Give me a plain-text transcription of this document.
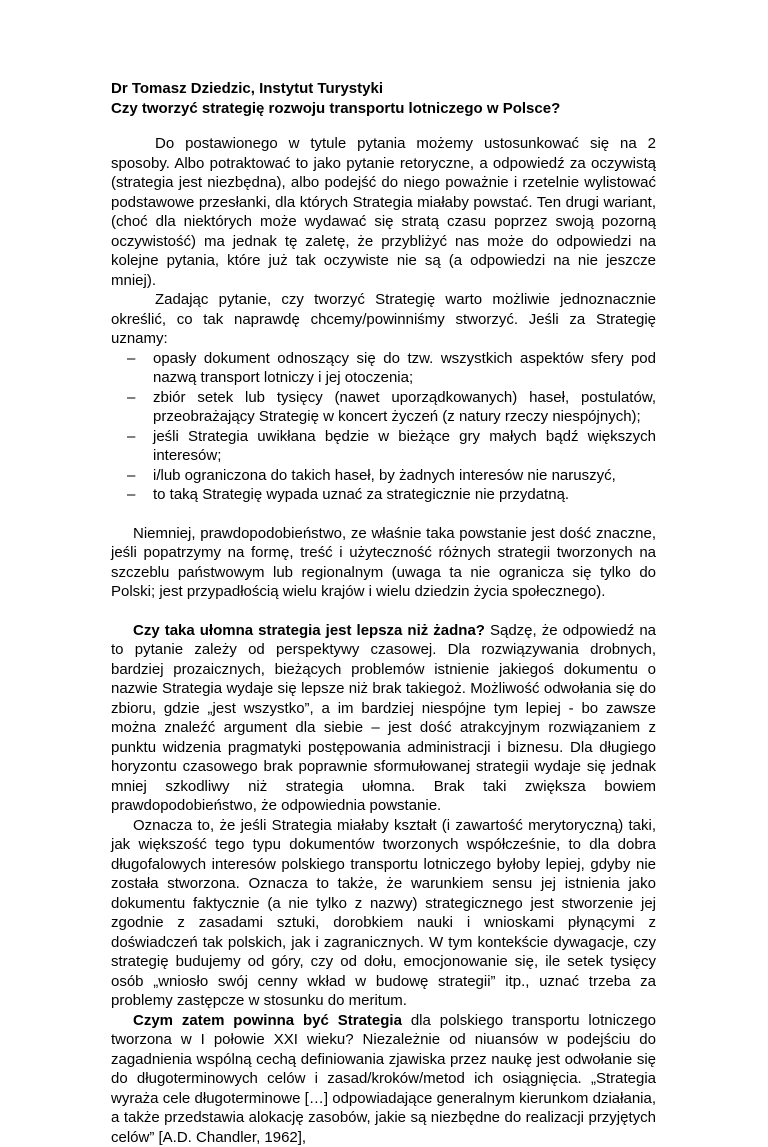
Dr Tomasz Dziedzic, Instytut Turystyki
Czy tworzyć strategię rozwoju transportu lotniczego w Polsce?

Do postawionego w tytule pytania możemy ustosunkować się na 2 sposoby. Albo potraktować to jako pytanie retoryczne, a odpowiedź za oczywistą (strategia jest niezbędna), albo podejść do niego poważnie i rzetelnie wylistować podstawowe przesłanki, dla których Strategia miałaby powstać. Ten drugi wariant, (choć dla niektórych może wydawać się stratą czasu poprzez swoją pozorną oczywistość) ma jednak tę zaletę, że przybliżyć nas może do odpowiedzi na kolejne pytania, które już tak oczywiste nie są (a odpowiedzi na nie jeszcze mniej).

Zadając pytanie, czy tworzyć Strategię warto możliwie jednoznacznie określić, co tak naprawdę chcemy/powinniśmy stworzyć. Jeśli za Strategię uznamy:

– opasły dokument odnoszący się do tzw. wszystkich aspektów sfery pod nazwą transport lotniczy i jej otoczenia;
– zbiór setek lub tysięcy (nawet uporządkowanych) haseł, postulatów, przeobrażający Strategię w koncert życzeń (z natury rzeczy niespójnych);
– jeśli Strategia uwikłana będzie w bieżące gry małych bądź większych interesów;
– i/lub ograniczona do takich haseł, by żadnych interesów nie naruszyć,
– to taką Strategię wypada uznać za strategicznie nie przydatną.

Niemniej, prawdopodobieństwo, ze właśnie taka powstanie jest dość znaczne, jeśli popatrzymy na formę, treść i użyteczność różnych strategii tworzonych na szczeblu państwowym lub regionalnym (uwaga ta nie ogranicza się tylko do Polski; jest przypadłością wielu krajów i wielu dziedzin życia społecznego).

Czy taka ułomna strategia jest lepsza niż żadna? Sądzę, że odpowiedź na to pytanie zależy od perspektywy czasowej. Dla rozwiązywania drobnych, bardziej prozaicznych, bieżących problemów istnienie jakiegoś dokumentu o nazwie Strategia wydaje się lepsze niż brak takiegoż. Możliwość odwołania się do zbioru, gdzie „jest wszystko”, a im bardziej niespójne tym lepiej - bo zawsze można znaleźć argument dla siebie – jest dość atrakcyjnym rozwiązaniem z punktu widzenia pragmatyki postępowania administracji i biznesu. Dla długiego horyzontu czasowego brak poprawnie sformułowanej strategii wydaje się jednak mniej szkodliwy niż strategia ułomna. Brak taki zwiększa bowiem prawdopodobieństwo, że odpowiednia powstanie.

Oznacza to, że jeśli Strategia miałaby kształt (i zawartość merytoryczną) taki, jak większość tego typu dokumentów tworzonych współcześnie, to dla dobra długofalowych interesów polskiego transportu lotniczego byłoby lepiej, gdyby nie została stworzona. Oznacza to także, że warunkiem sensu jej istnienia jako dokumentu faktycznie (a nie tylko z nazwy) strategicznego jest stworzenie jej zgodnie z zasadami sztuki, dorobkiem nauki i wnioskami płynącymi z doświadczeń tak polskich, jak i zagranicznych. W tym kontekście dywagacje, czy strategię budujemy od góry, czy od dołu, emocjonowanie się, ile setek tysięcy osób „wniosło swój cenny wkład w budowę strategii” itp., uznać trzeba za problemy zastępcze w stosunku do meritum.

Czym zatem powinna być Strategia dla polskiego transportu lotniczego tworzona w I połowie XXI wieku? Niezależnie od niuansów w podejściu do zagadnienia wspólną cechą definiowania zjawiska przez naukę jest odwołanie się do długoterminowych celów i zasad/kroków/metod ich osiągnięcia. „Strategia wyraża cele długoterminowe […] odpowiadające generalnym kierunkom działania, a także przedstawia alokację zasobów, jakie są niezbędne do realizacji przyjętych celów” [A.D. Chandler, 1962],
